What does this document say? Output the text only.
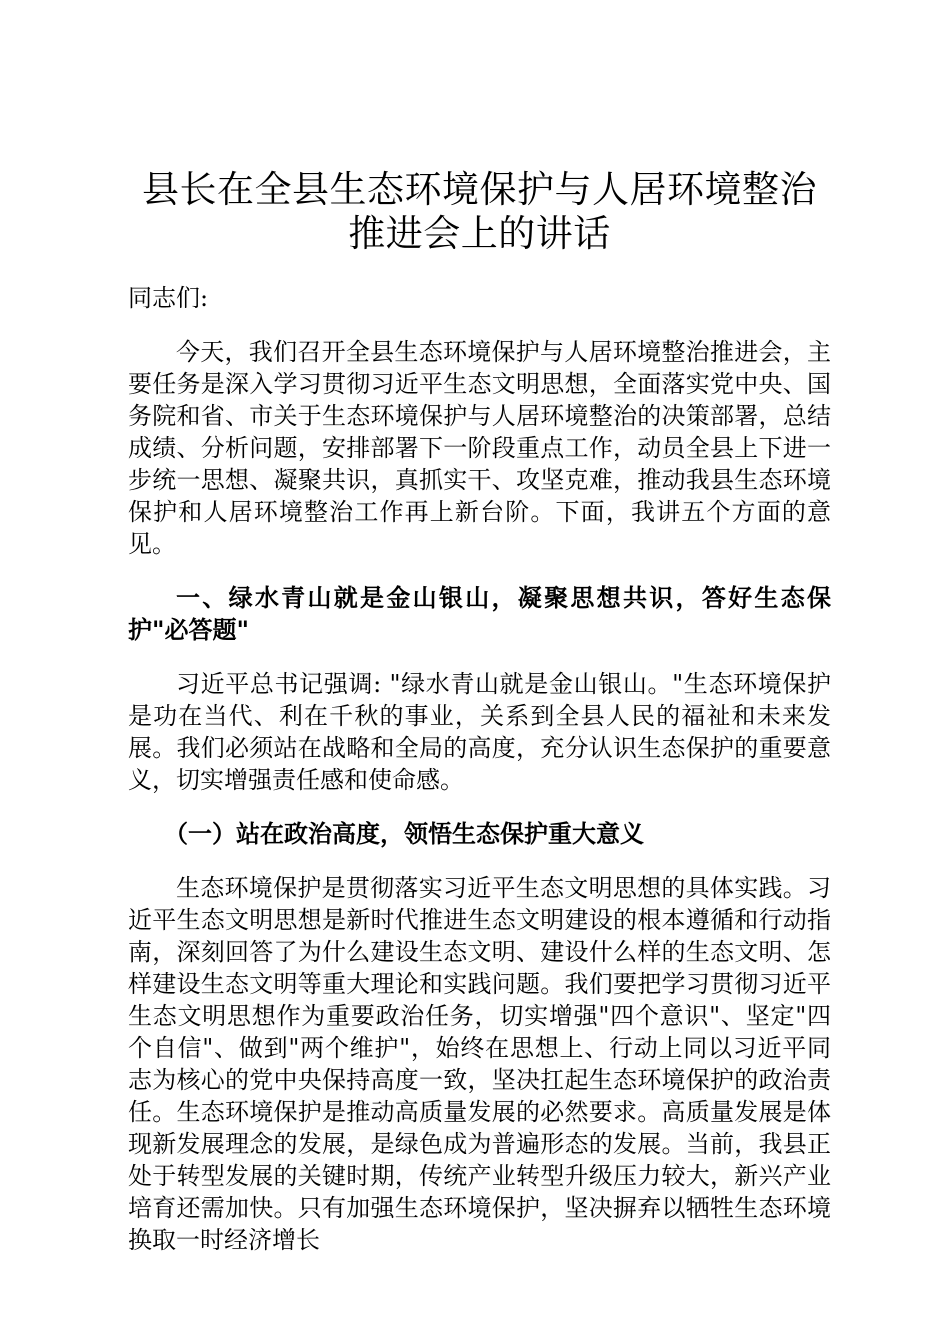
县长在全县生态环境保护与人居环境整治推进会上的讲话

同志们:

今天，我们召开全县生态环境保护与人居环境整治推进会，主要任务是深入学习贯彻习近平生态文明思想，全面落实党中央、国务院和省、市关于生态环境保护与人居环境整治的决策部署，总结成绩、分析问题，安排部署下一阶段重点工作，动员全县上下进一步统一思想、凝聚共识，真抓实干、攻坚克难，推动我县生态环境保护和人居环境整治工作再上新台阶。下面，我讲五个方面的意见。

一、绿水青山就是金山银山，凝聚思想共识，答好生态保护"必答题"

习近平总书记强调: "绿水青山就是金山银山。"生态环境保护是功在当代、利在千秋的事业，关系到全县人民的福祉和未来发展。我们必须站在战略和全局的高度，充分认识生态保护的重要意义，切实增强责任感和使命感。

（一）站在政治高度，领悟生态保护重大意义

生态环境保护是贯彻落实习近平生态文明思想的具体实践。习近平生态文明思想是新时代推进生态文明建设的根本遵循和行动指南，深刻回答了为什么建设生态文明、建设什么样的生态文明、怎样建设生态文明等重大理论和实践问题。我们要把学习贯彻习近平生态文明思想作为重要政治任务，切实增强"四个意识"、坚定"四个自信"、做到"两个维护"，始终在思想上、行动上同以习近平同志为核心的党中央保持高度一致，坚决扛起生态环境保护的政治责任。生态环境保护是推动高质量发展的必然要求。高质量发展是体现新发展理念的发展，是绿色成为普遍形态的发展。当前，我县正处于转型发展的关键时期，传统产业转型升级压力较大，新兴产业培育还需加快。只有加强生态环境保护，坚决摒弃以牺牲生态环境换取一时经济增长
